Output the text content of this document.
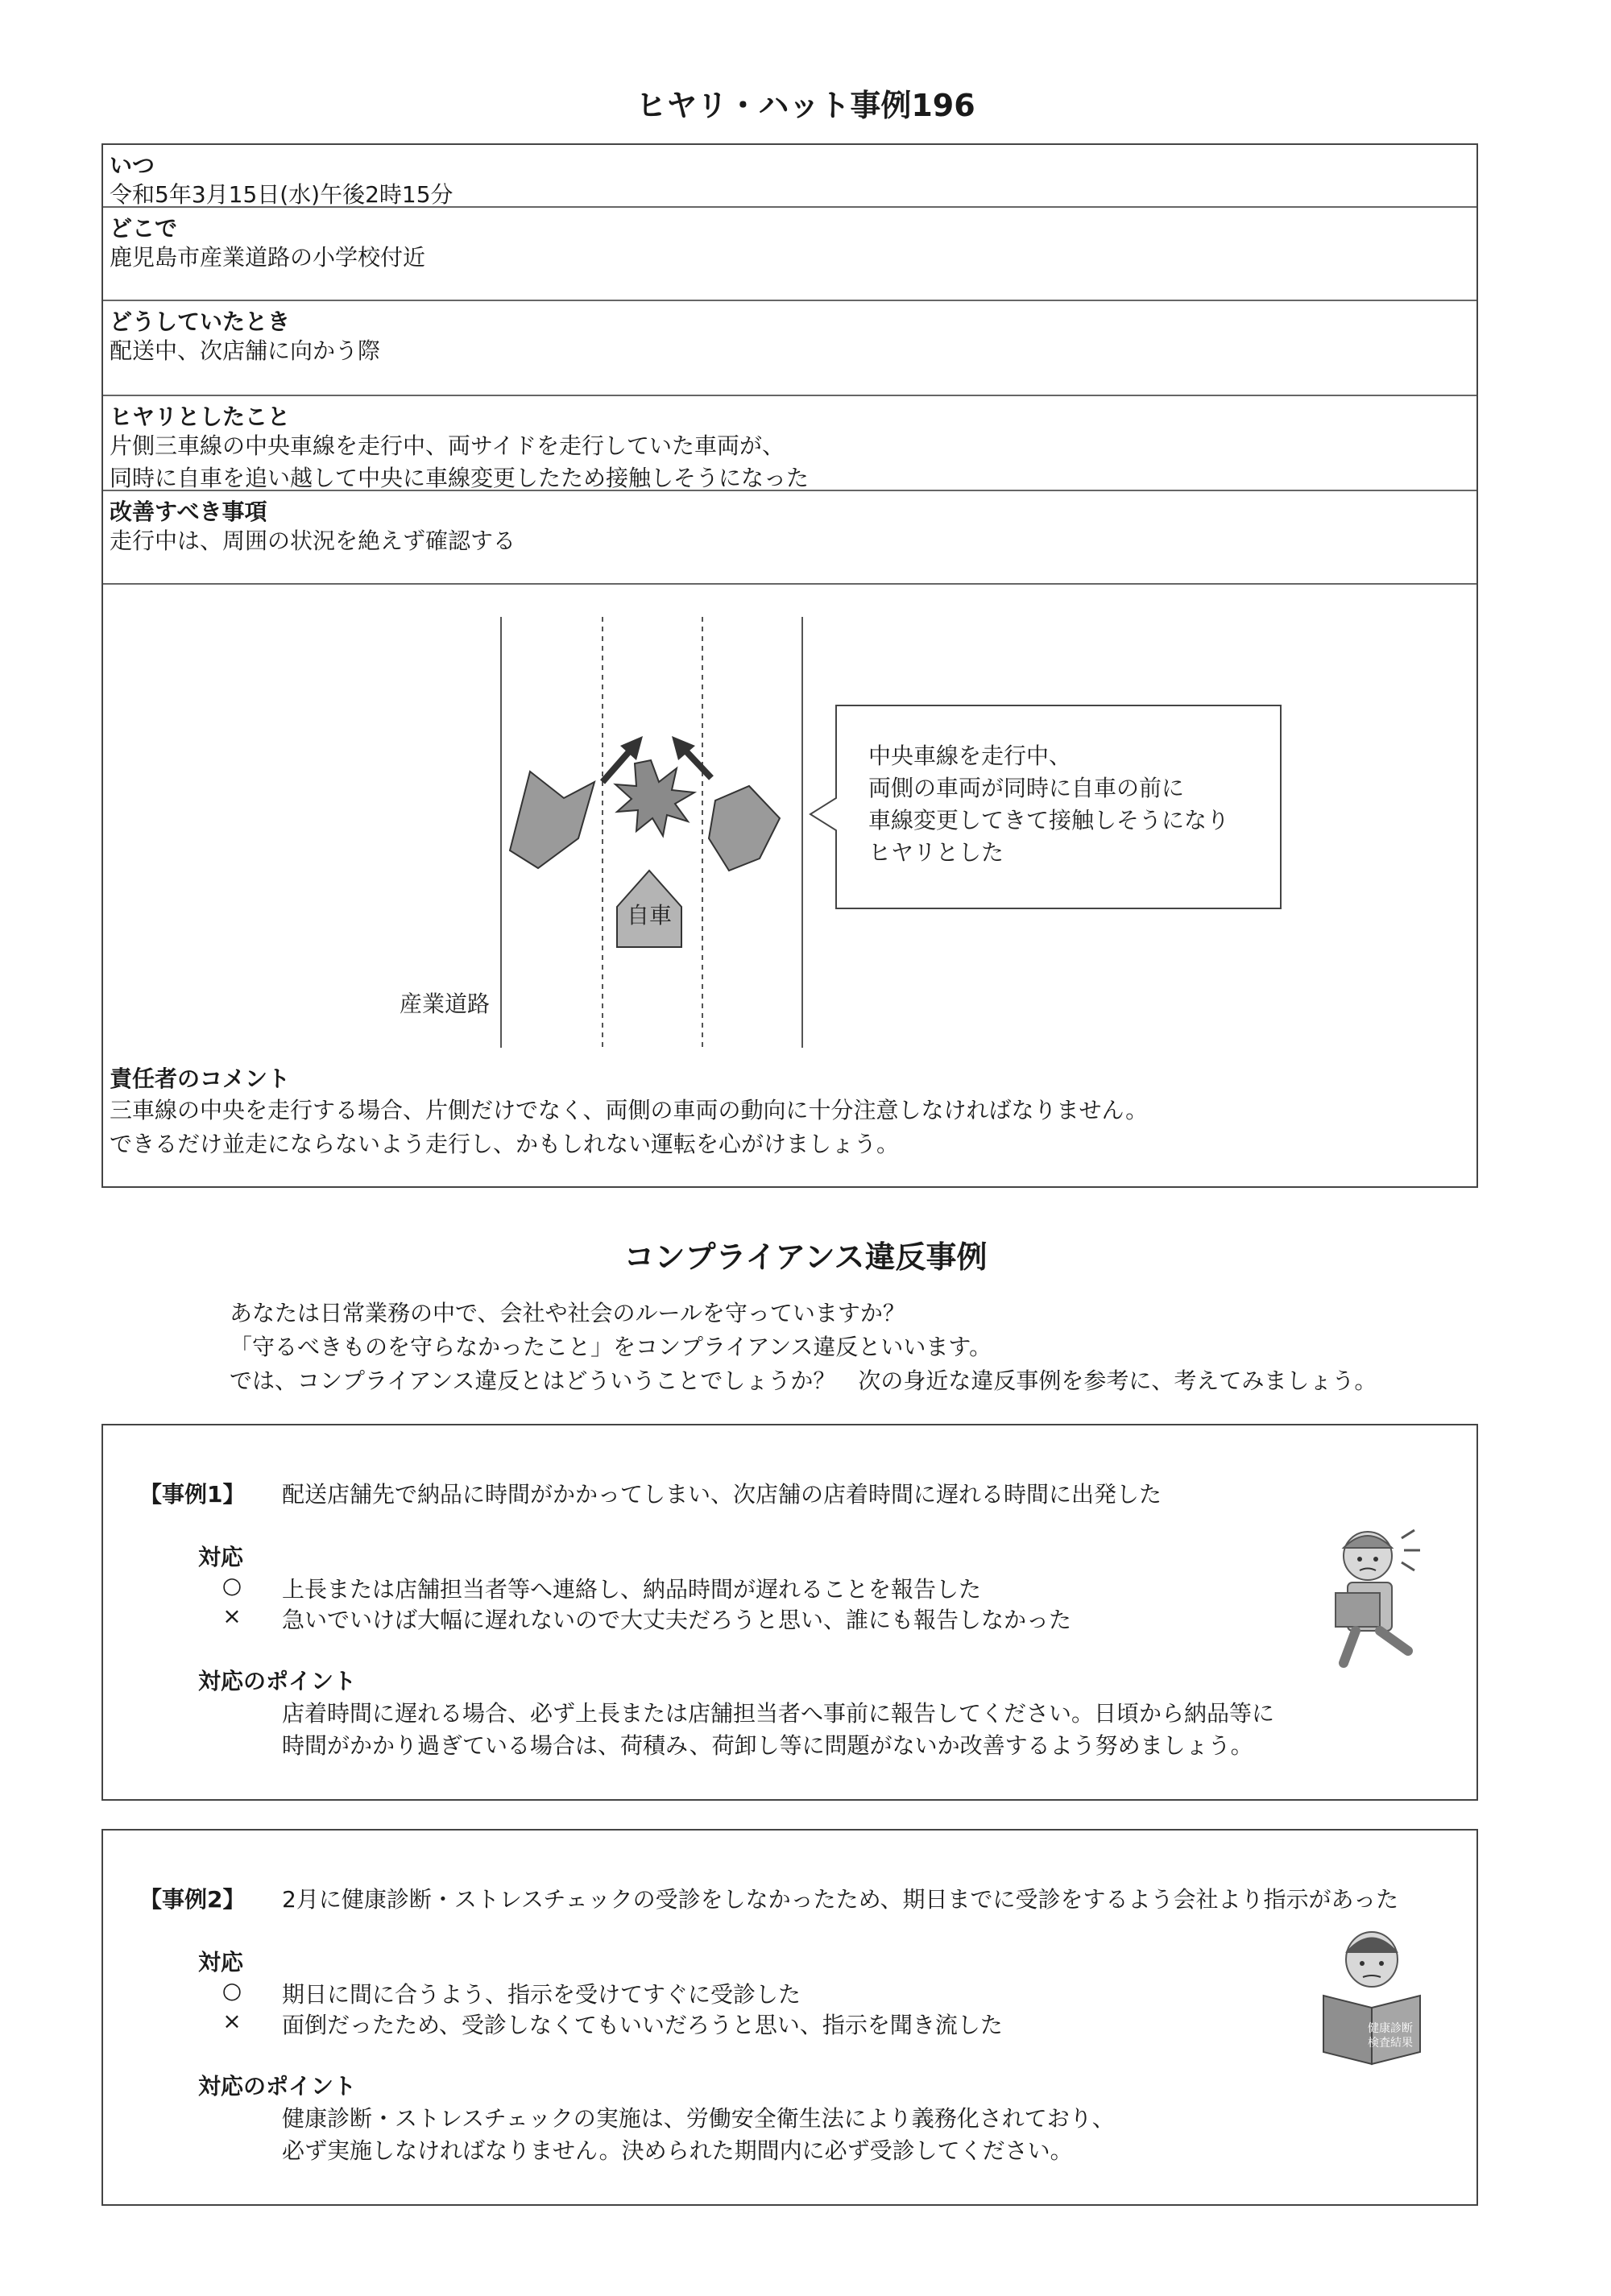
ヒヤリ・ハット事例196
いつ
令和5年3月15日(水)午後2時15分
どこで
鹿児島市産業道路の小学校付近
どうしていたとき
配送中、次店舗に向かう際
ヒヤリとしたこと
片側三車線の中央車線を走行中、両サイドを走行していた車両が、
同時に自車を追い越して中央に車線変更したため接触しそうになった
改善すべき事項
走行中は、周囲の状況を絶えず確認する
自車
産業道路
中央車線を走行中、
両側の車両が同時に自車の前に
車線変更してきて接触しそうになり
ヒヤリとした
責任者のコメント
三車線の中央を走行する場合、片側だけでなく、両側の車両の動向に十分注意しなければなりません。
できるだけ並走にならないよう走行し、かもしれない運転を心がけましょう。
コンプライアンス違反事例
あなたは日常業務の中で、会社や社会のルールを守っていますか？
「守るべきものを守らなかったこと」をコンプライアンス違反といいます。
では、コンプライアンス違反とはどういうことでしょうか？　次の身近な違反事例を参考に、考えてみましょう。
【事例1】 配送店舗先で納品に時間がかかってしまい、次店舗の店着時間に遅れる時間に出発した
対応
○ 上長または店舗担当者等へ連絡し、納品時間が遅れることを報告した
× 急いでいけば大幅に遅れないので大丈夫だろうと思い、誰にも報告しなかった
対応のポイント
店着時間に遅れる場合、必ず上長または店舗担当者へ事前に報告してください。日頃から納品等に
時間がかかり過ぎている場合は、荷積み、荷卸し等に問題がないか改善するよう努めましょう。
【事例2】 2月に健康診断・ストレスチェックの受診をしなかったため、期日までに受診をするよう会社より指示があった
対応
○ 期日に間に合うよう、指示を受けてすぐに受診した
× 面倒だったため、受診しなくてもいいだろうと思い、指示を聞き流した
対応のポイント
健康診断・ストレスチェックの実施は、労働安全衛生法により義務化されており、
必ず実施しなければなりません。決められた期間内に必ず受診してください。
健康診断
検査結果
